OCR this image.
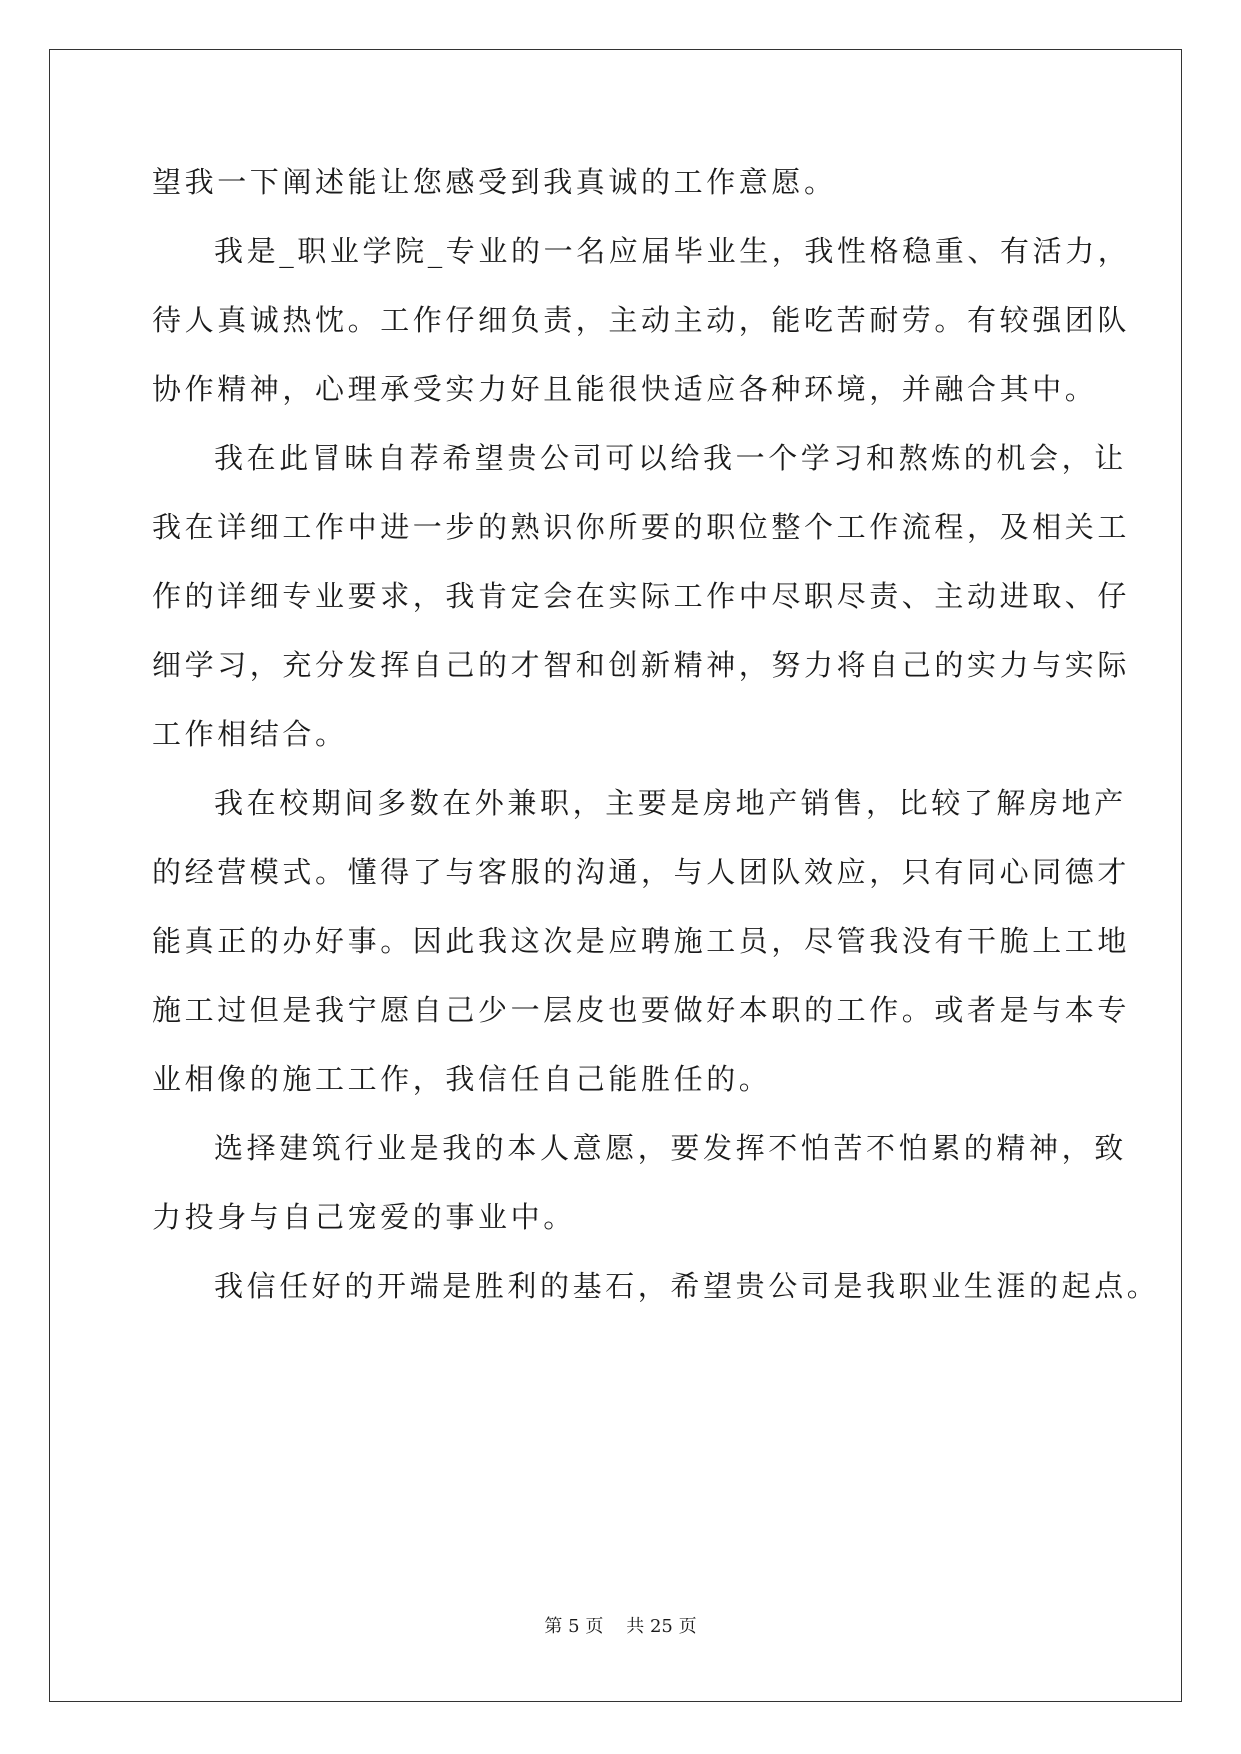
望我一下阐述能让您感受到我真诚的工作意愿。
我是_职业学院_专业的一名应届毕业生，我性格稳重、有活力，
待人真诚热忱。工作仔细负责，主动主动，能吃苦耐劳。有较强团队
协作精神，心理承受实力好且能很快适应各种环境，并融合其中。
我在此冒昧自荐希望贵公司可以给我一个学习和熬炼的机会，让
我在详细工作中进一步的熟识你所要的职位整个工作流程，及相关工
作的详细专业要求，我肯定会在实际工作中尽职尽责、主动进取、仔
细学习，充分发挥自己的才智和创新精神，努力将自己的实力与实际
工作相结合。
我在校期间多数在外兼职，主要是房地产销售，比较了解房地产
的经营模式。懂得了与客服的沟通，与人团队效应，只有同心同德才
能真正的办好事。因此我这次是应聘施工员，尽管我没有干脆上工地
施工过但是我宁愿自己少一层皮也要做好本职的工作。或者是与本专
业相像的施工工作，我信任自己能胜任的。
选择建筑行业是我的本人意愿，要发挥不怕苦不怕累的精神，致
力投身与自己宠爱的事业中。
我信任好的开端是胜利的基石，希望贵公司是我职业生涯的起点。
第 5 页 共 25 页
